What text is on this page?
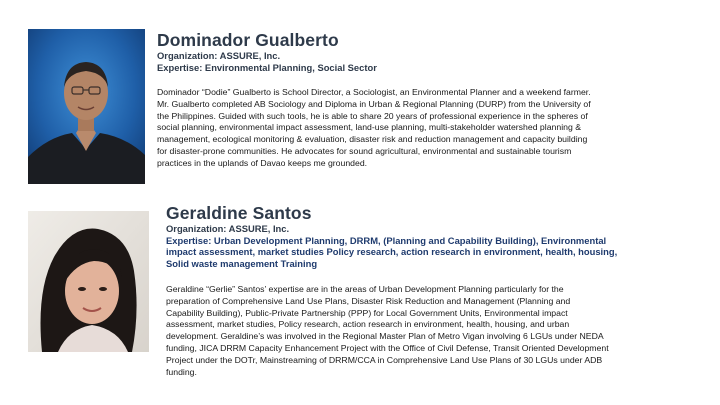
Dominador Gualberto

Organization: ASSURE, Inc.

Expertise: Environmental Planning, Social Sector

Dominador “Dodie” Gualberto is School Director, a Sociologist, an Environmental Planner and a weekend farmer.
Mr. Gualberto completed AB Sociology and Diploma in Urban & Regional Planning (DURP) from the University of
the Philippines. Guided with such tools, he is able to share 20 years of professional experience in the spheres of
social planning, environmental impact assessment, land-use planning, multi-stakeholder watershed planning &
management, ecological monitoring & evaluation, disaster risk and reduction management and capacity building
for disaster-prone communities. He advocates for sound agricultural, environmental and sustainable tourism
practices in the uplands of Davao keeps me grounded.

Geraldine Santos

Organization: ASSURE, Inc.

Expertise: Urban Development Planning, DRRM, (Planning and Capability Building), Environmental
impact assessment, market studies Policy research, action research in environment, health, housing,
Solid waste management Training

Geraldine “Gerlie” Santos’ expertise are in the areas of Urban Development Planning particularly for the
preparation of Comprehensive Land Use Plans, Disaster Risk Reduction and Management (Planning and
Capability Building), Public-Private Partnership (PPP) for Local Government Units, Environmental impact
assessment, market studies, Policy research, action research in environment, health, housing, and urban
development. Geraldine’s was involved in the Regional Master Plan of Metro Vigan involving 6 LGUs under NEDA
funding, JICA DRRM Capacity Enhancement Project with the Office of Civil Defense, Transit Oriented Development
Project under the DOTr, Mainstreaming of DRRM/CCA in Comprehensive Land Use Plans of 30 LGUs under ADB
funding.
